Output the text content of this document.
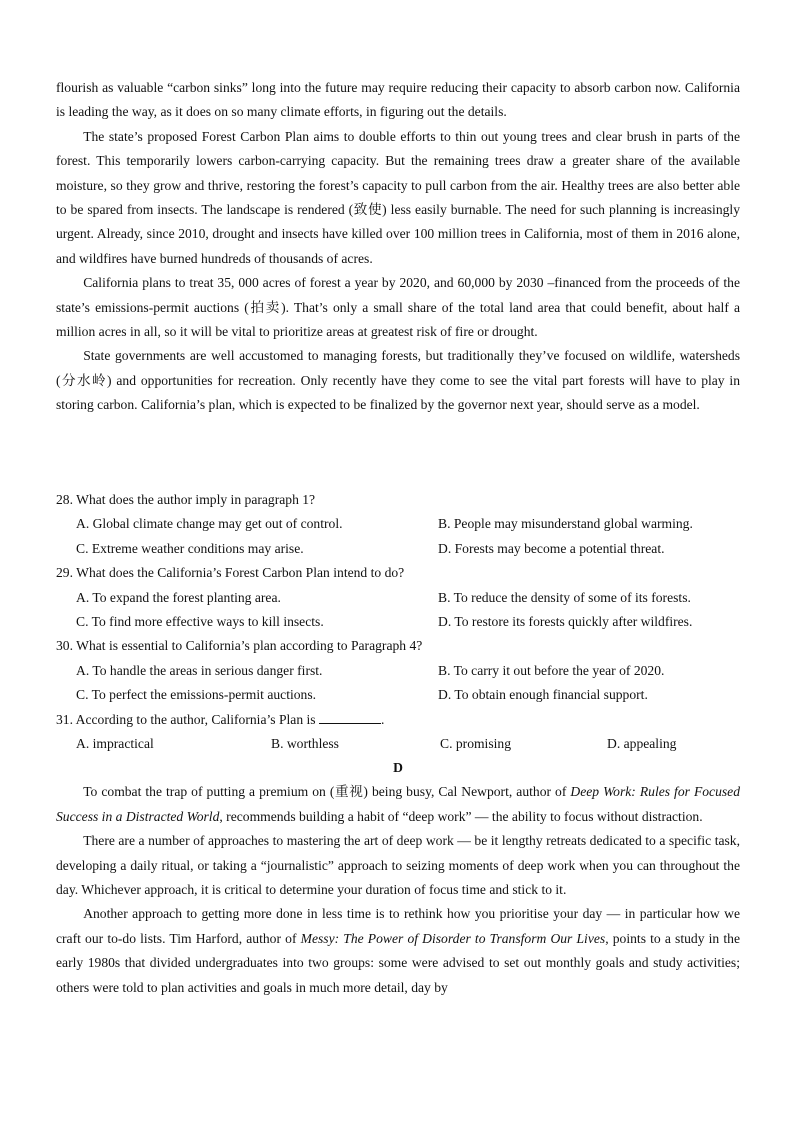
flourish as valuable “carbon sinks” long into the future may require reducing their capacity to absorb carbon now. California is leading the way, as it does on so many climate efforts, in figuring out the details.

The state’s proposed Forest Carbon Plan aims to double efforts to thin out young trees and clear brush in parts of the forest. This temporarily lowers carbon-carrying capacity. But the remaining trees draw a greater share of the available moisture, so they grow and thrive, restoring the forest’s capacity to pull carbon from the air. Healthy trees are also better able to be spared from insects. The landscape is rendered (致使) less easily burnable. The need for such planning is increasingly urgent. Already, since 2010, drought and insects have killed over 100 million trees in California, most of them in 2016 alone, and wildfires have burned hundreds of thousands of acres.

California plans to treat 35, 000 acres of forest a year by 2020, and 60,000 by 2030 –financed from the proceeds of the state’s emissions-permit auctions (拍卖). That’s only a small share of the total land area that could benefit, about half a million acres in all, so it will be vital to prioritize areas at greatest risk of fire or drought.

State governments are well accustomed to managing forests, but traditionally they’ve focused on wildlife, watersheds (分水岭) and opportunities for recreation. Only recently have they come to see the vital part forests will have to play in storing carbon. California’s plan, which is expected to be finalized by the governor next year, should serve as a model.

28. What does the author imply in paragraph 1?

A. Global climate change may get out of control.	B. People may misunderstand global warming.
C. Extreme weather conditions may arise.	D. Forests may become a potential threat.

29. What does the California’s Forest Carbon Plan intend to do?

A. To expand the forest planting area.	B. To reduce the density of some of its forests.
C. To find more effective ways to kill insects.	D. To restore its forests quickly after wildfires.

30. What is essential to California’s plan according to Paragraph 4?

A. To handle the areas in serious danger first.	B. To carry it out before the year of 2020.
C. To perfect the emissions-permit auctions.	D. To obtain enough financial support.

31. According to the author, California’s Plan is	.

A. impractical	B. worthless	C. promising	D. appealing

D

To combat the trap of putting a premium on (重视) being busy, Cal Newport, author of Deep Work: Rules for Focused Success in a Distracted World, recommends building a habit of “deep work” — the ability to focus without distraction.

There are a number of approaches to mastering the art of deep work — be it lengthy retreats dedicated to a specific task, developing a daily ritual, or taking a “journalistic” approach to seizing moments of deep work when you can throughout the day. Whichever approach, it is critical to determine your duration of focus time and stick to it.

Another approach to getting more done in less time is to rethink how you prioritise your day — in particular how we craft our to-do lists. Tim Harford, author of Messy: The Power of Disorder to Transform Our Lives, points to a study in the early 1980s that divided undergraduates into two groups: some were advised to set out monthly goals and study activities; others were told to plan activities and goals in much more detail, day by
